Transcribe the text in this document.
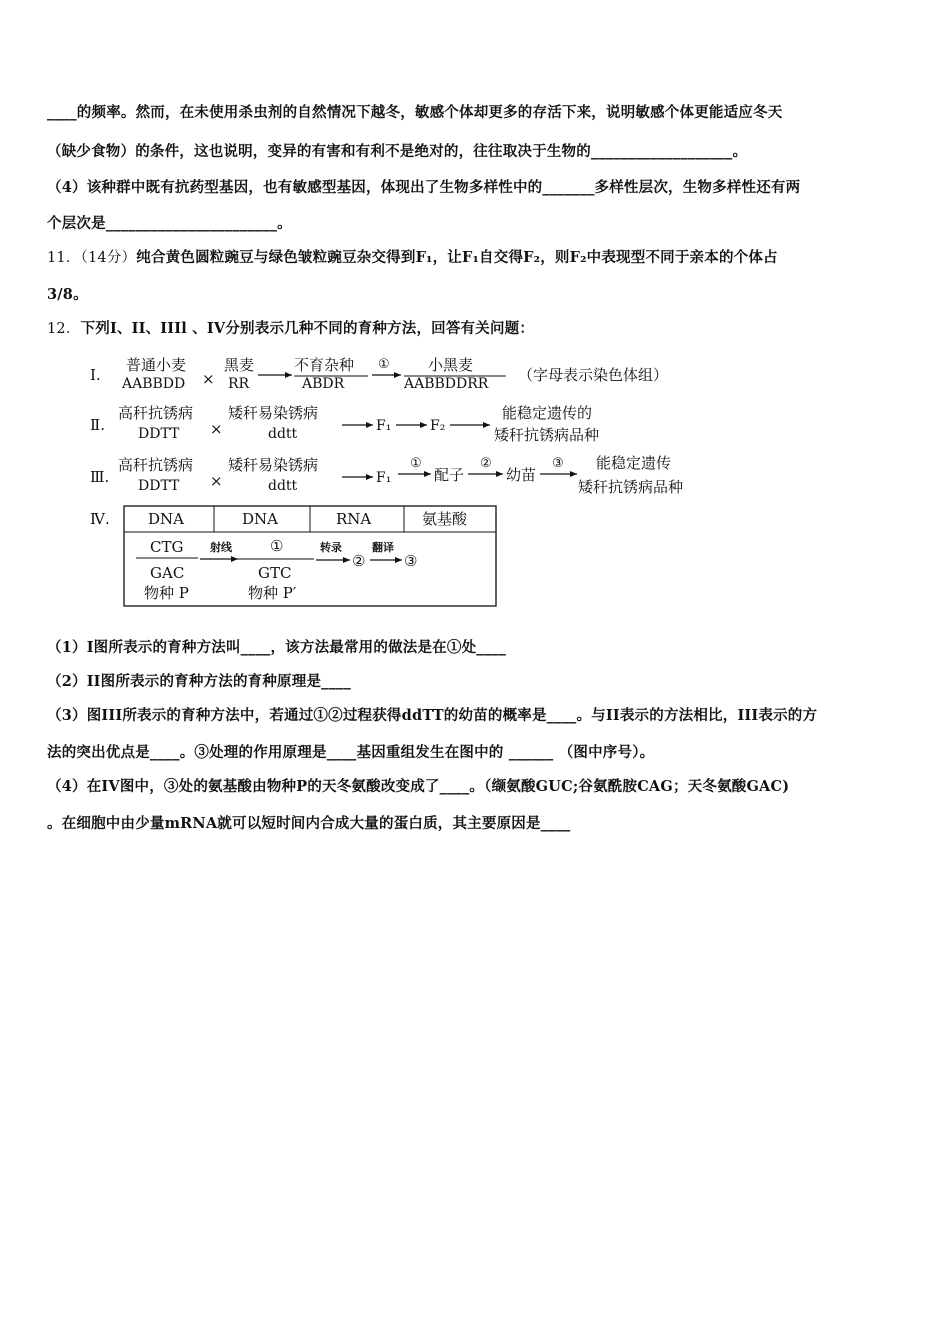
____的频率。然而，在未使用杀虫剂的自然情况下越冬，敏感个体却更多的存活下来，说明敏感个体更能适应冬天
（缺少食物）的条件，这也说明，变异的有害和有利不是绝对的，往往取决于生物的___________________。
（4）该种群中既有抗药型基因，也有敏感型基因，体现出了生物多样性中的_______多样性层次，生物多样性还有两
个层次是_______________________。
11．（14分）纯合黄色圆粒豌豆与绿色皱粒豌豆杂交得到F₁，让F₁自交得F₂，则F₂中表现型不同于亲本的个体占
3/8。
12．下列I、II、IIIl 、IV分别表示几种不同的育种方法，回答有关问题：
Ⅰ.
普通小麦
AABBDD ×
黑麦
RR
不育杂种
ABDR
①	小黑麦
AABBDDRR （字母表示染色体组）
Ⅱ.
高秆抗锈病
DDTT ×
矮秆易染锈病
ddtt	F₁	F₂
能稳定遗传的
矮秆抗锈病品种
Ⅲ.
高秆抗锈病
DDTT ×
矮秆易染锈病
ddtt	F₁
①
配子
②
幼苗
③ 能稳定遗传
矮秆抗锈病品种
Ⅳ.	DNA	DNA	RNA	氨基酸
CTG
GAC
物种 P
射线	①
GTC
物种 P′
转录
②
翻译
③
（1）I图所表示的育种方法叫____，该方法最常用的做法是在①处____
（2）II图所表示的育种方法的育种原理是____
（3）图III所表示的育种方法中，若通过①②过程获得ddTT的幼苗的概率是____。与II表示的方法相比，III表示的方
法的突出优点是____。③处理的作用原理是____基因重组发生在图中的 ______ （图中序号）。
（4）在IV图中，③处的氨基酸由物种P的天冬氨酸改变成了____。（缬氨酸GUC;谷氨酰胺CAG；天冬氨酸GAC)
。在细胞中由少量mRNA就可以短时间内合成大量的蛋白质，其主要原因是____
